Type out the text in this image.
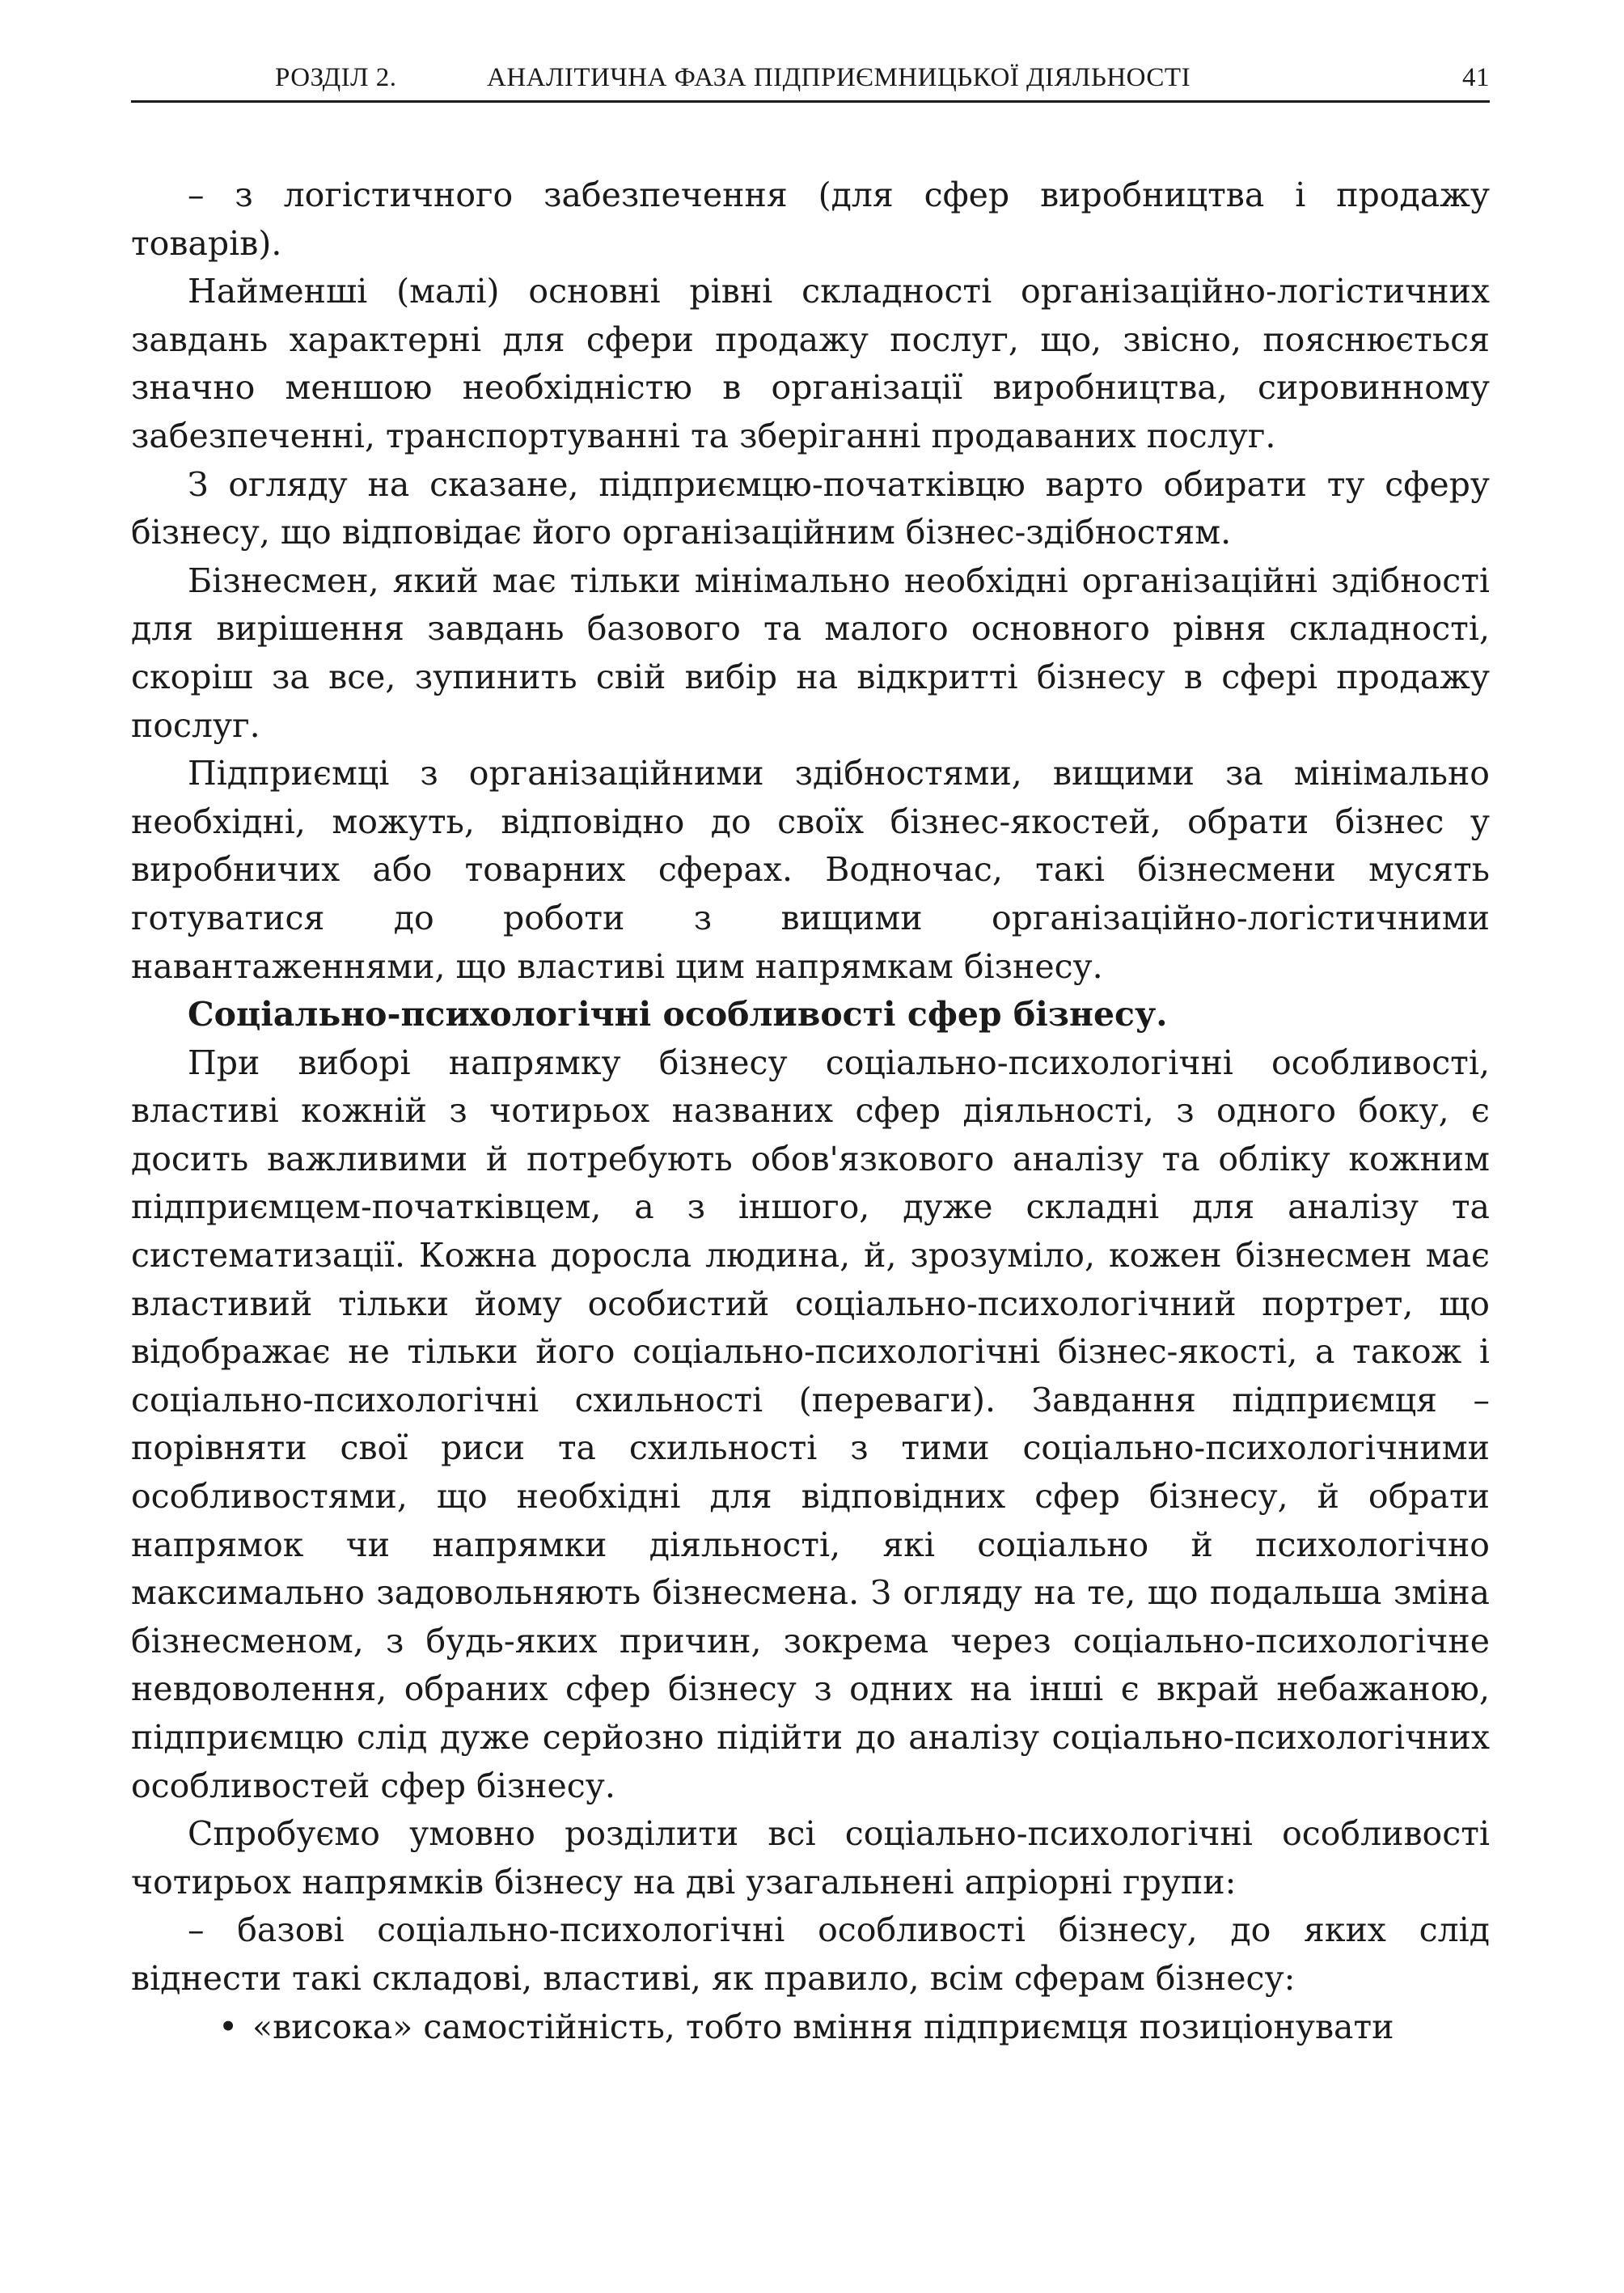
РОЗДІЛ 2.	АНАЛІТИЧНА ФАЗА ПІДПРИЄМНИЦЬКОЇ ДІЯЛЬНОСТІ	41

– з логістичного забезпечення (для сфер виробництва і продажу товарів).

Найменші (малі) основні рівні складності організаційно-логістичних завдань характерні для сфери продажу послуг, що, звісно, пояснюється значно меншою необхідністю в організації виробництва, сировинному забезпеченні, транспортуванні та зберіганні продаваних послуг.

З огляду на сказане, підприємцю-початківцю варто обирати ту сферу бізнесу, що відповідає його організаційним бізнес-здібностям.

Бізнесмен, який має тільки мінімально необхідні організаційні здібності для вирішення завдань базового та малого основного рівня складності, скоріш за все, зупинить свій вибір на відкритті бізнесу в сфері продажу послуг.

Підприємці з організаційними здібностями, вищими за мінімально необхідні, можуть, відповідно до своїх бізнес-якостей, обрати бізнес у виробничих або товарних сферах. Водночас, такі бізнесмени мусять готуватися до роботи з вищими організаційно-логістичними навантаженнями, що властиві цим напрямкам бізнесу.

Соціально-психологічні особливості сфер бізнесу.

При виборі напрямку бізнесу соціально-психологічні особливості, властиві кожній з чотирьох названих сфер діяльності, з одного боку, є досить важливими й потребують обов'язкового аналізу та обліку кожним підприємцем-початківцем, а з іншого, дуже складні для аналізу та систематизації. Кожна доросла людина, й, зрозуміло, кожен бізнесмен має властивий тільки йому особистий соціально-психологічний портрет, що відображає не тільки його соціально-психологічні бізнес-якості, а також і соціально-психологічні схильності (переваги). Завдання підприємця – порівняти свої риси та схильності з тими соціально-психологічними особливостями, що необхідні для відповідних сфер бізнесу, й обрати напрямок чи напрямки діяльності, які соціально й психологічно максимально задовольняють бізнесмена. З огляду на те, що подальша зміна бізнесменом, з будь-яких причин, зокрема через соціально-психологічне невдоволення, обраних сфер бізнесу з одних на інші є вкрай небажаною, підприємцю слід дуже серйозно підійти до аналізу соціально-психологічних особливостей сфер бізнесу.

Спробуємо умовно розділити всі соціально-психологічні особливості чотирьох напрямків бізнесу на дві узагальнені апріорні групи:

– базові соціально-психологічні особливості бізнесу, до яких слід віднести такі складові, властиві, як правило, всім сферам бізнесу:

• «висока» самостійність, тобто вміння підприємця позиціонувати
